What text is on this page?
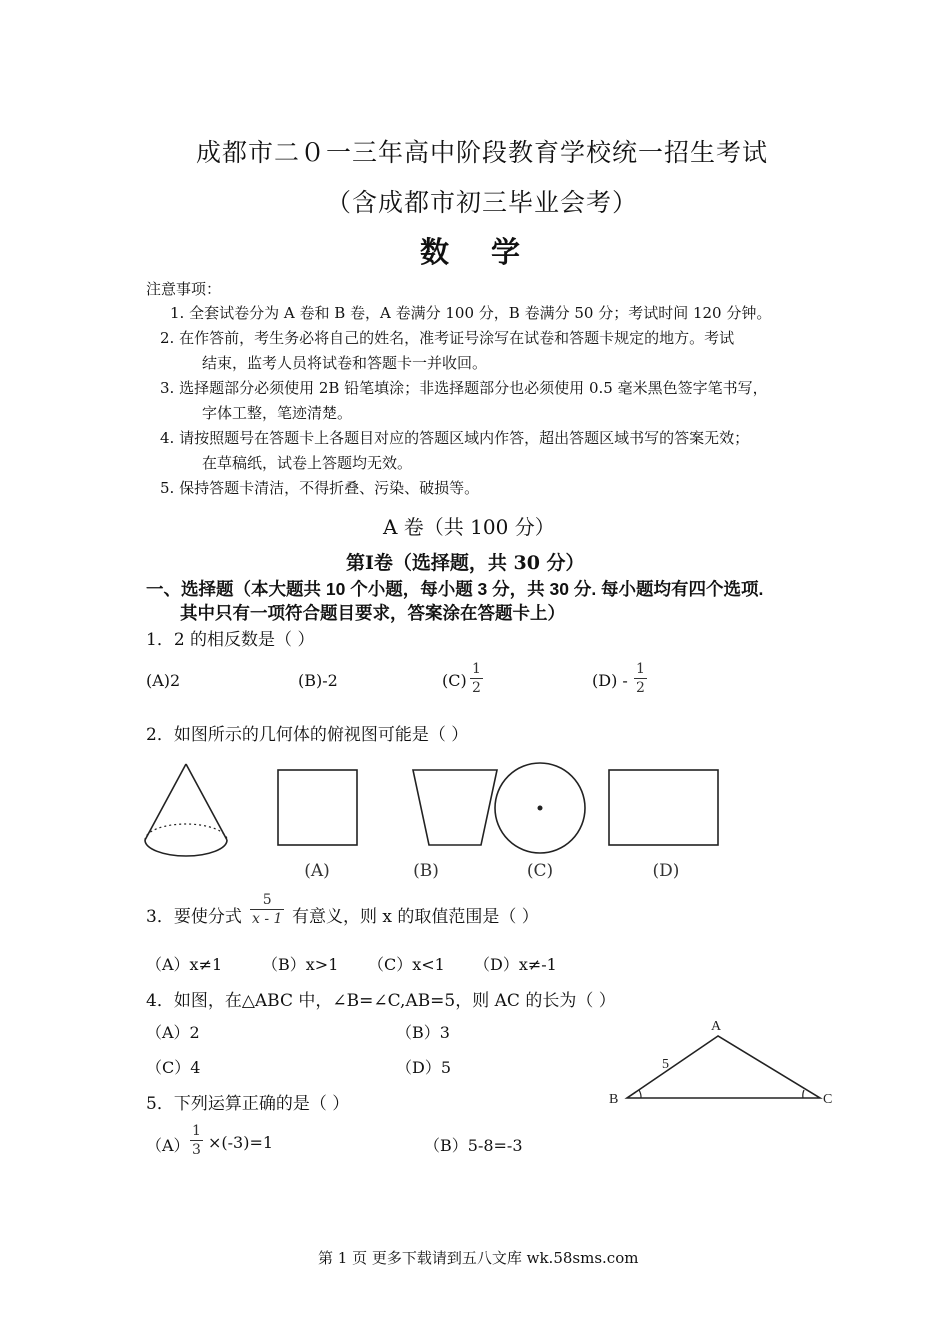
成都市二０一三年高中阶段教育学校统一招生考试
（含成都市初三毕业会考）
数学
注意事项：
1. 全套试卷分为 A 卷和 B 卷，A 卷满分 100 分，B 卷满分 50 分；考试时间 120 分钟。
2. 在作答前，考生务必将自己的姓名，准考证号涂写在试卷和答题卡规定的地方。考试
结束，监考人员将试卷和答题卡一并收回。
3. 选择题部分必须使用 2B 铅笔填涂；非选择题部分也必须使用 0.5 毫米黑色签字笔书写，
字体工整，笔迹清楚。
4. 请按照题号在答题卡上各题目对应的答题区域内作答，超出答题区域书写的答案无效；
在草稿纸，试卷上答题均无效。
5. 保持答题卡清洁，不得折叠、污染、破损等。
A 卷（共 100 分）
第Ⅰ卷（选择题，共 30 分）
一、选择题（本大题共 10 个小题，每小题 3 分，共 30 分. 每小题均有四个选项.
其中只有一项符合题目要求，答案涂在答题卡上）
1．2 的相反数是（ ）
(A)2	(B)-2	$(C) \frac{1}{2}$	$(D) - \frac{1}{2}$
2．如图所示的几何体的俯视图可能是（ ）
(A)	(B)	(C)	(D)
3．要使分式 $\frac{5}{x - 1}$ 有意义，则 x 的取值范围是（ ）
（A）x≠1 （B）x>1 （C）x<1 （D）x≠-1
4．如图，在△ABC 中，∠B=∠C,AB=5，则 AC 的长为（ ）
（A）2	（B）3
（C）4	（D）5
A
B	C
5
5．下列运算正确的是（ ）
$(A) \frac{1}{3} \times(-3)=1$	（B）5-8=-3
第 1 页 更多下载请到五八文库 wk.58sms.com
